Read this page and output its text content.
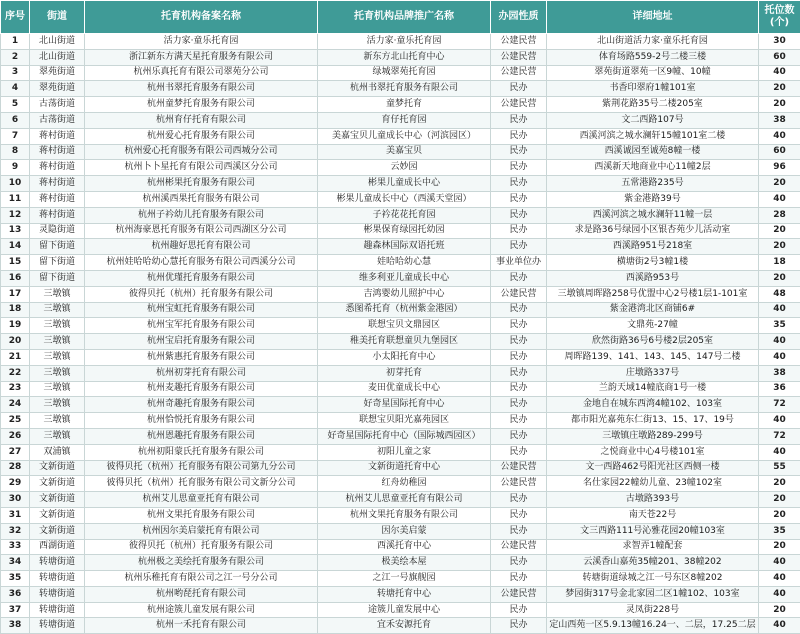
序号	街道	托育机构备案名称	托育机构品牌推广名称	办园性质	详细地址	托位数
(个)

1	北山街道	活力家·童乐托育园	活力家·童乐托育园	公建民营	北山街道活力家·童乐托育园	30
2	北山街道	浙江新东方满天星托育服务有限公司	新东方北山托育中心	公建民营	体育场路559-2号二楼三楼	60
3	翠苑街道	杭州乐真托育有限公司翠苑分公司	绿城翠苑托育园	公建民营	翠苑街道翠苑一区9幢、10幢	40
4	翠苑街道	杭州书翠托育服务有限公司	杭州书翠托育服务有限公司	民办	书香印翠府1幢101室	20
5	古荡街道	杭州童梦托育服务有限公司	童梦托育	公建民营	紫荆花路35号二楼205室	20
6	古荡街道	杭州育仔托育有限公司	育仔托育园	民办	文二西路107号	38
7	蒋村街道	杭州爱心托育服务有限公司	美嘉宝贝儿童成长中心（河滨园区）	民办	西溪河滨之城水澜轩15幢101室二楼	40
8	蒋村街道	杭州爱心托育服务有限公司西城分公司	美嘉宝贝	民办	西溪诚园至诚苑8幢一楼	60
9	蒋村街道	杭州卜卜星托育有限公司西溪区分公司	云妙园	民办	西溪新天地商业中心11幢2层	96
10	蒋村街道	杭州彬果托育服务有限公司	彬果儿童成长中心	民办	五常港路235号	20
11	蒋村街道	杭州溪西果托育服务有限公司	彬果儿童成长中心（西溪天堂园）	民办	紫金港路39号	40
12	蒋村街道	杭州子衿幼儿托育服务有限公司	子衿花花托育园	民办	西溪河滨之城水澜轩11幢一层	28
13	灵隐街道	杭州海豪恩托育服务有限公司西湖区分公司	彬果保育绿园托幼园	民办	求是路36号绿园小区银杏苑少儿活动室	20
14	留下街道	杭州趣好思托育有限公司	趣森林国际双语托班	民办	西溪路951号218室	20
15	留下街道	杭州娃哈哈幼心慧托育服务有限公司西溪分公司	娃哈哈幼心慧	事业单位办	横塘街2号3幢1楼	18
16	留下街道	杭州优瑾托育服务有限公司	维多利亚儿童成长中心	民办	西溪路953号	20
17	三墩镇	彼得贝托（杭州）托育服务有限公司	吉鸿婴幼儿照护中心	公建民营	三墩镇周晖路258号优盟中心2号楼1层1-101室	48
18	三墩镇	杭州宝虹托育服务有限公司	悉图希托育（杭州紫金港园）	民办	紫金港湾北区商铺6#	40
19	三墩镇	杭州宝军托育服务有限公司	联想宝贝文鼎园区	民办	文鼎苑-27幢	35
20	三墩镇	杭州宝启托育服务有限公司	稚美托育联想童贝九堡园区	民办	欣然街路36号6号楼2层205室	40
21	三墩镇	杭州紫惠托育服务有限公司	小太阳托育中心	民办	周晖路139、141、143、145、147号二楼	40
22	三墩镇	杭州初芽托育有限公司	初芽托育	民办	庄墩路337号	38
23	三墩镇	杭州麦趣托育服务有限公司	麦田优童成长中心	民办	兰韵天域14幢底商1号一楼	36
24	三墩镇	杭州奇趣托育服务有限公司	好奇星国际托育中心	民办	金地自在城东西湾4幢102、103室	72
25	三墩镇	杭州恰悦托育服务有限公司	联想宝贝阳光嘉苑园区	民办	都市阳光嘉苑东仁街13、15、17、19号	40
26	三墩镇	杭州恩趣托育服务有限公司	好奇星国际托育中心（国际城西园区）	民办	三墩镇庄墩路289-299号	72
27	双浦镇	杭州初阳蒙氏托育服务有限公司	初阳儿童之家	民办	之悦商业中心4号楼101室	40
28	文新街道	彼得贝托（杭州）托育服务有限公司第九分公司	文新街道托育中心	公建民营	文一西路462号阳光社区西侧一楼	55
29	文新街道	彼得贝托（杭州）托育服务有限公司文新分公司	红舟幼稚园	公建民营	名仕家园22幢幼儿童、23幢102室	20
30	文新街道	杭州艾儿思童亚托育有限公司	杭州艾儿思童亚托育有限公司	民办	古墩路393号	20
31	文新街道	杭州文果托育服务有限公司	杭州文果托育服务有限公司	民办	南天苍22号	20
32	文新街道	杭州因尔美启蒙托育有限公司	因尔美启蒙	民办	文三西路111号沁雅花园20幢103室	35
33	西湖街道	彼得贝托（杭州）托育服务有限公司	西溪托育中心	公建民营	求智弄1幢配套	20
34	转塘街道	杭州极之美绘托育服务有限公司	极美绘本屋	民办	云溪香山嘉苑35幢201、38幢202	40
35	转塘街道	杭州乐稚托育有限公司之江一号分公司	之江一号旗舰园	民办	转塘街道绿城之江一号东区8幢202	40
36	转塘街道	杭州哟琵托育有限公司	转塘托育中心	公建民营	梦园街317号金北家园二区1幢102、103室	40
37	转塘街道	杭州途簇儿童发展有限公司	途簇儿童发展中心	民办	灵凤街228号	20
38	转塘街道	杭州一禾托育有限公司	宜禾安源托育	民办	定山西苑一区5.9.13幢16.24一、二层，17.25二层	40
